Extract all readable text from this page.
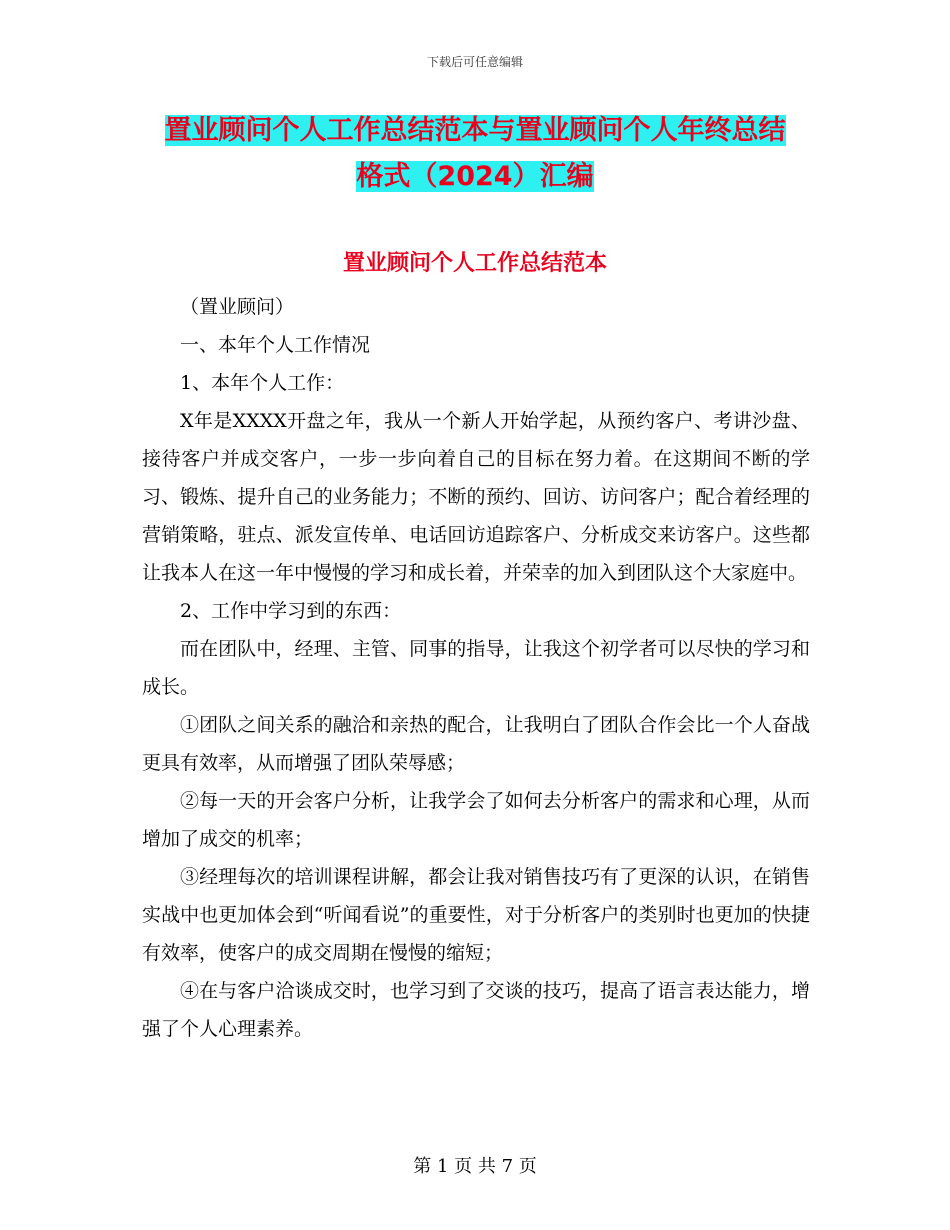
下载后可任意编辑
置业顾问个人工作总结范本与置业顾问个人年终总结
格式（2024）汇编
置业顾问个人工作总结范本

（置业顾问）

一、本年个人工作情况

1、本年个人工作：

X年是XXXX开盘之年，我从一个新人开始学起，从预约客户、考讲沙盘、接待客户并成交客户，一步一步向着自己的目标在努力着。在这期间不断的学习、锻炼、提升自己的业务能力；不断的预约、回访、访问客户；配合着经理的营销策略，驻点、派发宣传单、电话回访追踪客户、分析成交来访客户。这些都让我本人在这一年中慢慢的学习和成长着，并荣幸的加入到团队这个大家庭中。

2、工作中学习到的东西：

而在团队中，经理、主管、同事的指导，让我这个初学者可以尽快的学习和成长。

①团队之间关系的融洽和亲热的配合，让我明白了团队合作会比一个人奋战更具有效率，从而增强了团队荣辱感；

②每一天的开会客户分析，让我学会了如何去分析客户的需求和心理，从而增加了成交的机率；

③经理每次的培训课程讲解，都会让我对销售技巧有了更深的认识，在销售实战中也更加体会到“听闻看说”的重要性，对于分析客户的类别时也更加的快捷有效率，使客户的成交周期在慢慢的缩短；

④在与客户洽谈成交时，也学习到了交谈的技巧，提高了语言表达能力，增强了个人心理素养。

第 1 页 共 7 页
